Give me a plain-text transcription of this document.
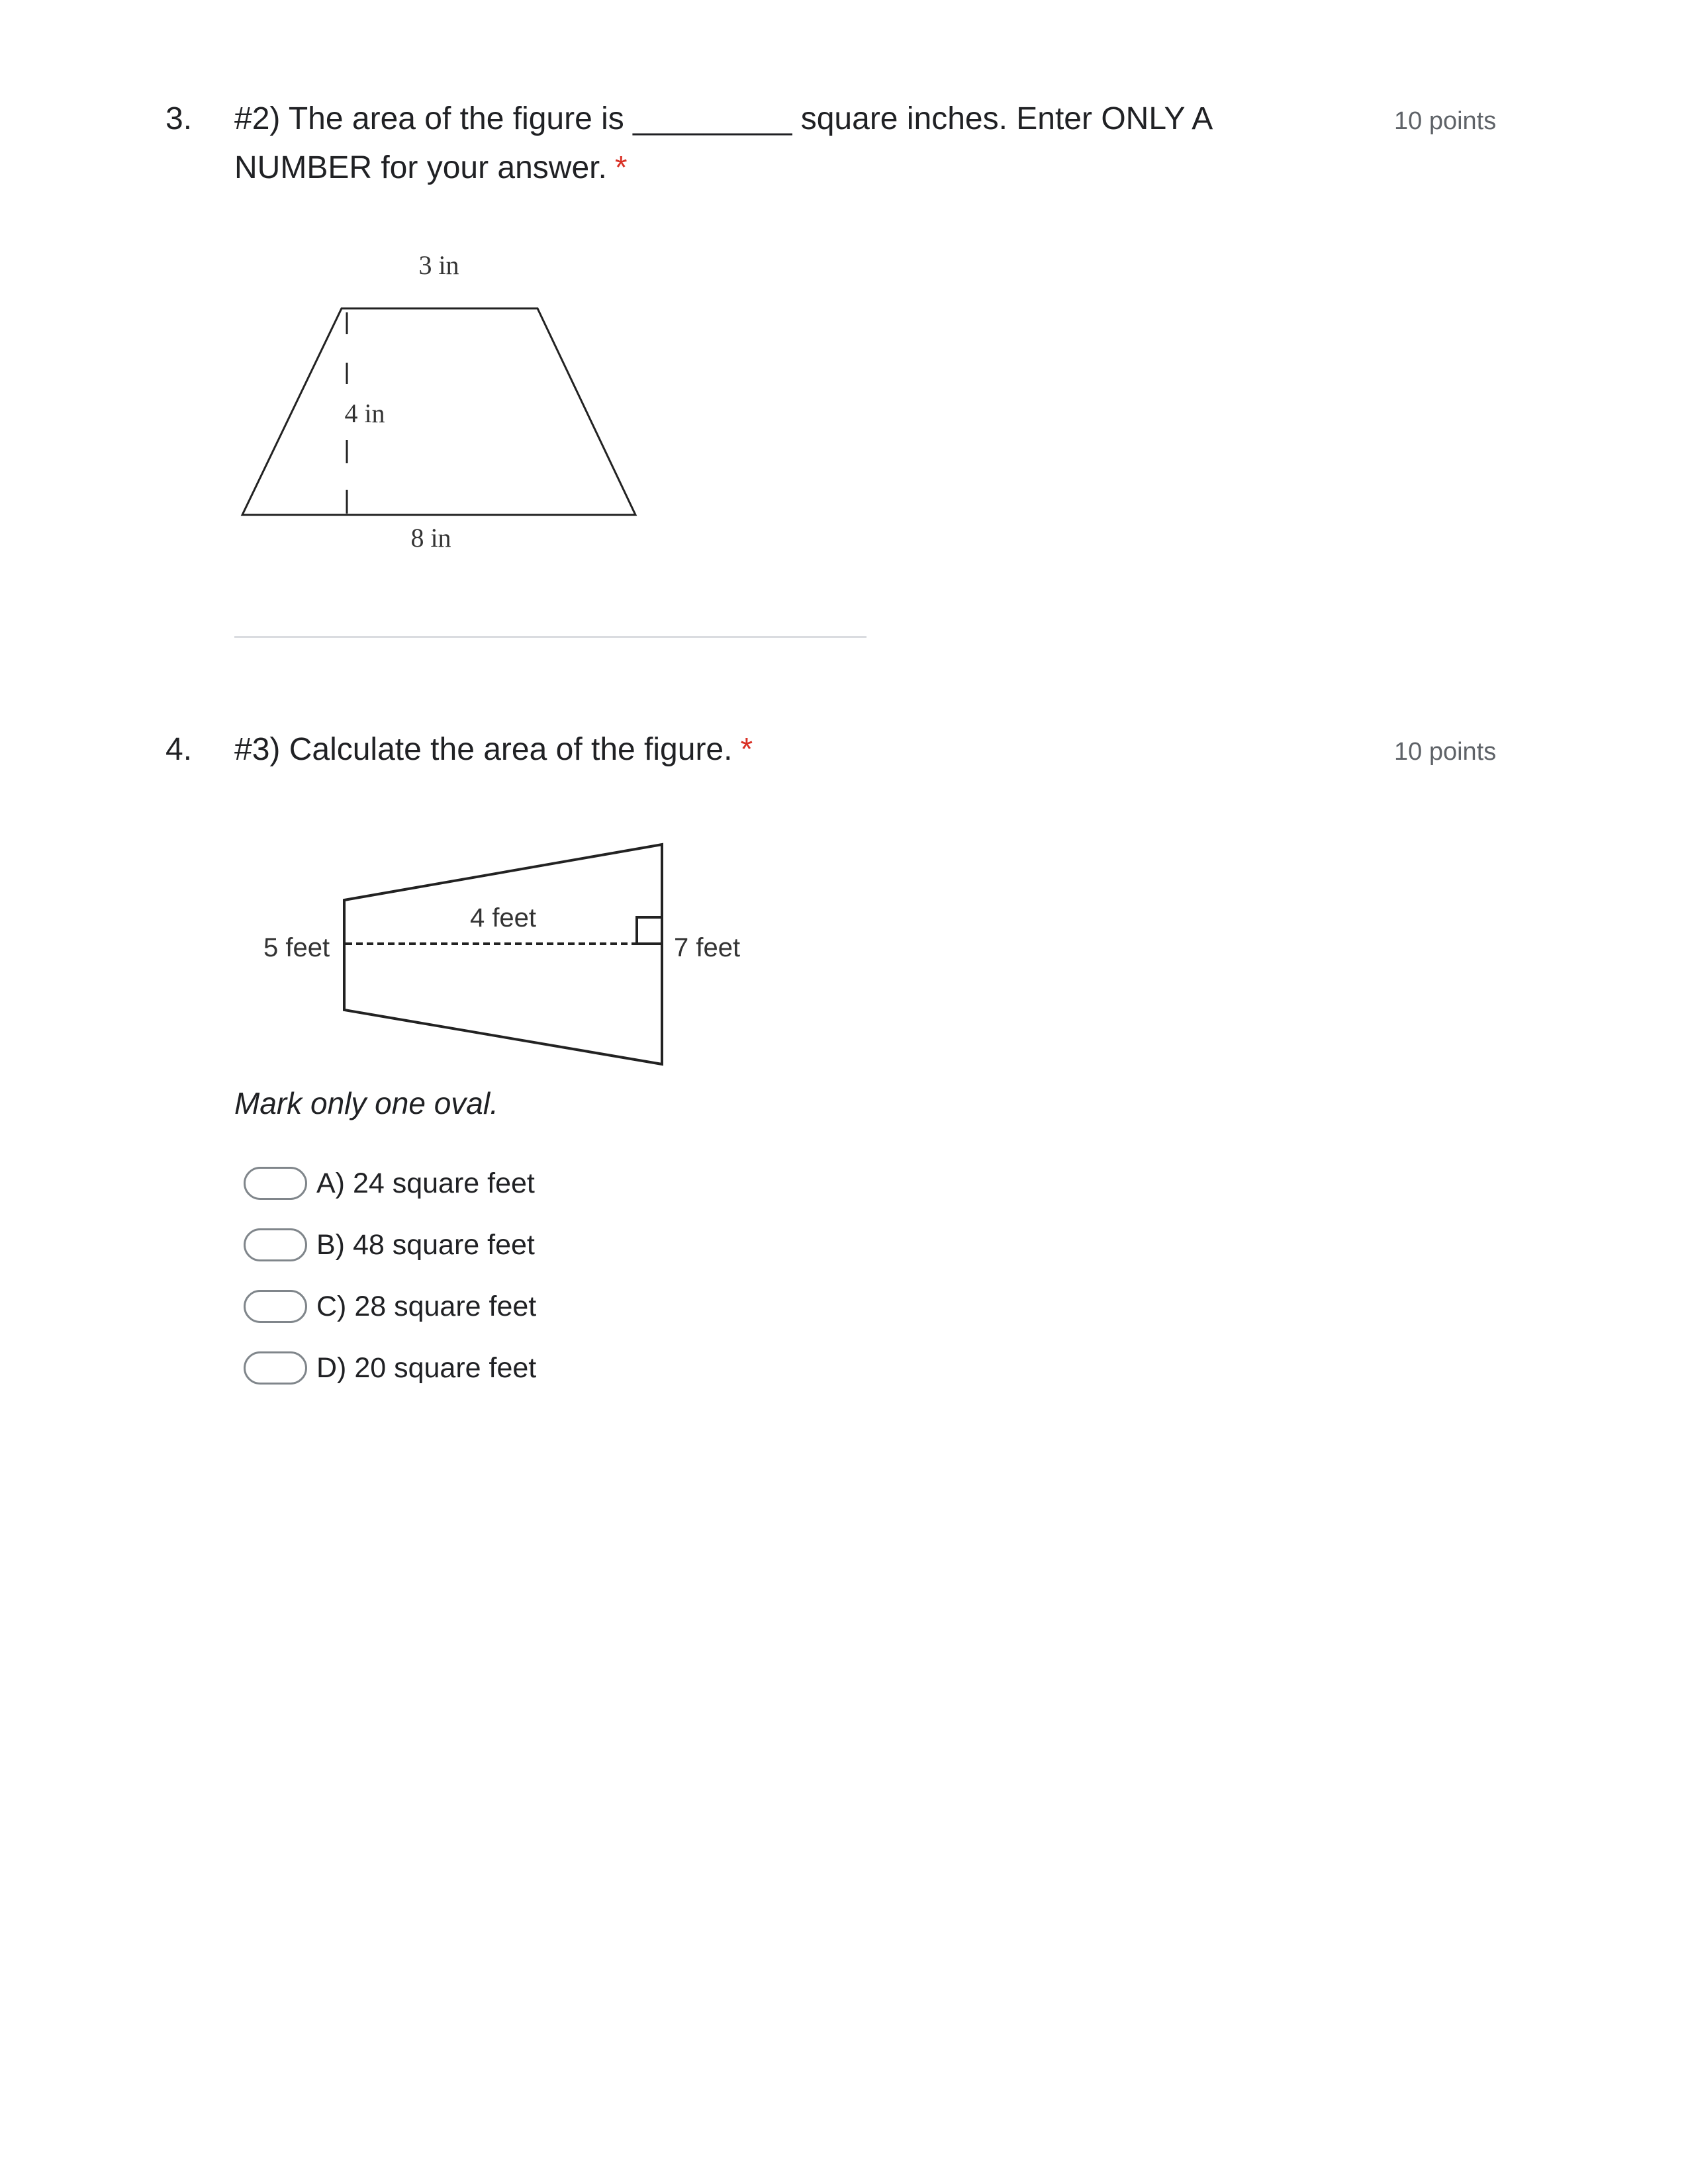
3. #2) The area of the figure is _________ square inches. Enter ONLY A
NUMBER for your answer. *
10 points
3 in
4 in
8 in
4. #3) Calculate the area of the figure. *	10 points
5 feet
4 feet
7 feet
Mark only one oval.
A) 24 square feet
B) 48 square feet
C) 28 square feet
D) 20 square feet
